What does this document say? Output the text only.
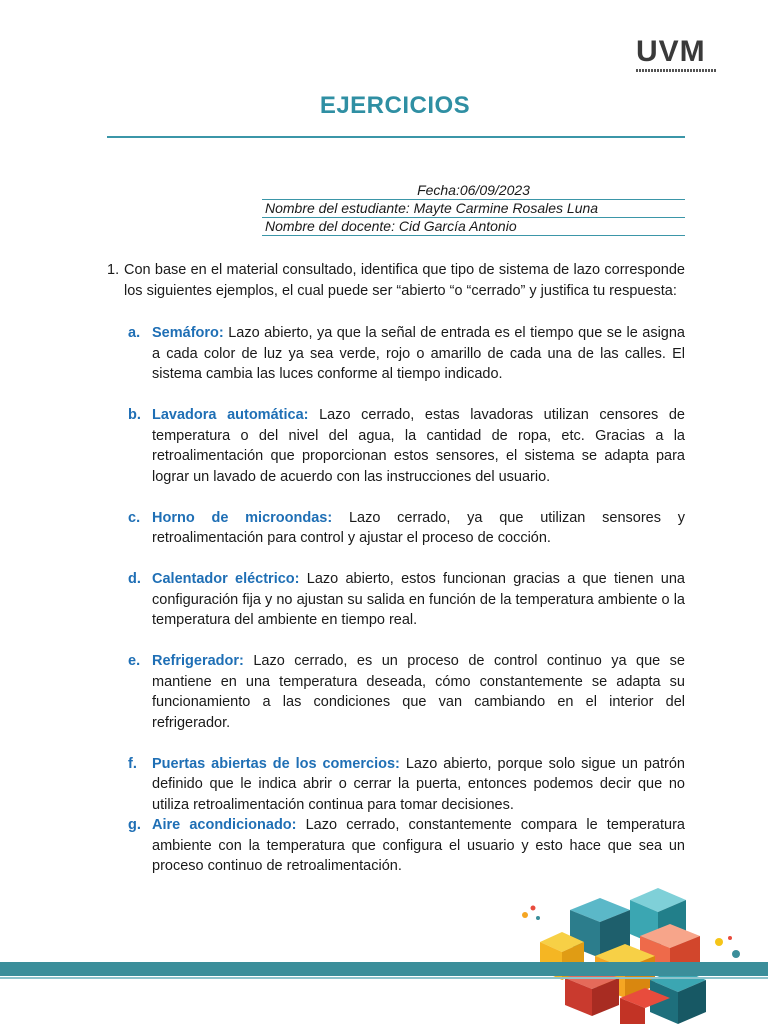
UVM
EJERCICIOS
Fecha:06/09/2023
Nombre del estudiante: Mayte Carmine Rosales Luna
Nombre del docente: Cid García Antonio
1. Con base en el material consultado, identifica que tipo de sistema de lazo corresponde los siguientes ejemplos, el cual puede ser “abierto “o “cerrado” y justifica tu respuesta:
a. Semáforo: Lazo abierto, ya que la señal de entrada es el tiempo que se le asigna a cada color de luz ya sea verde, rojo o amarillo de cada una de las calles. El sistema cambia las luces conforme al tiempo indicado.
b. Lavadora automática: Lazo cerrado, estas lavadoras utilizan censores de temperatura o del nivel del agua, la cantidad de ropa, etc. Gracias a la retroalimentación que proporcionan estos sensores, el sistema se adapta para lograr un lavado de acuerdo con las instrucciones del usuario.
c. Horno de microondas: Lazo cerrado, ya que utilizan sensores y retroalimentación para control y ajustar el proceso de cocción.
d. Calentador eléctrico: Lazo abierto, estos funcionan gracias a que tienen una configuración fija y no ajustan su salida en función de la temperatura ambiente o la temperatura del ambiente en tiempo real.
e. Refrigerador: Lazo cerrado, es un proceso de control continuo ya que se mantiene en una temperatura deseada, cómo constantemente se adapta su funcionamiento a las condiciones que van cambiando en el interior del refrigerador.
f. Puertas abiertas de los comercios: Lazo abierto, porque solo sigue un patrón definido que le indica abrir o cerrar la puerta, entonces podemos decir que no utiliza retroalimentación continua para tomar decisiones.
g. Aire acondicionado: Lazo cerrado, constantemente compara le temperatura ambiente con la temperatura que configura el usuario y esto hace que sea un proceso continuo de retroalimentación.
